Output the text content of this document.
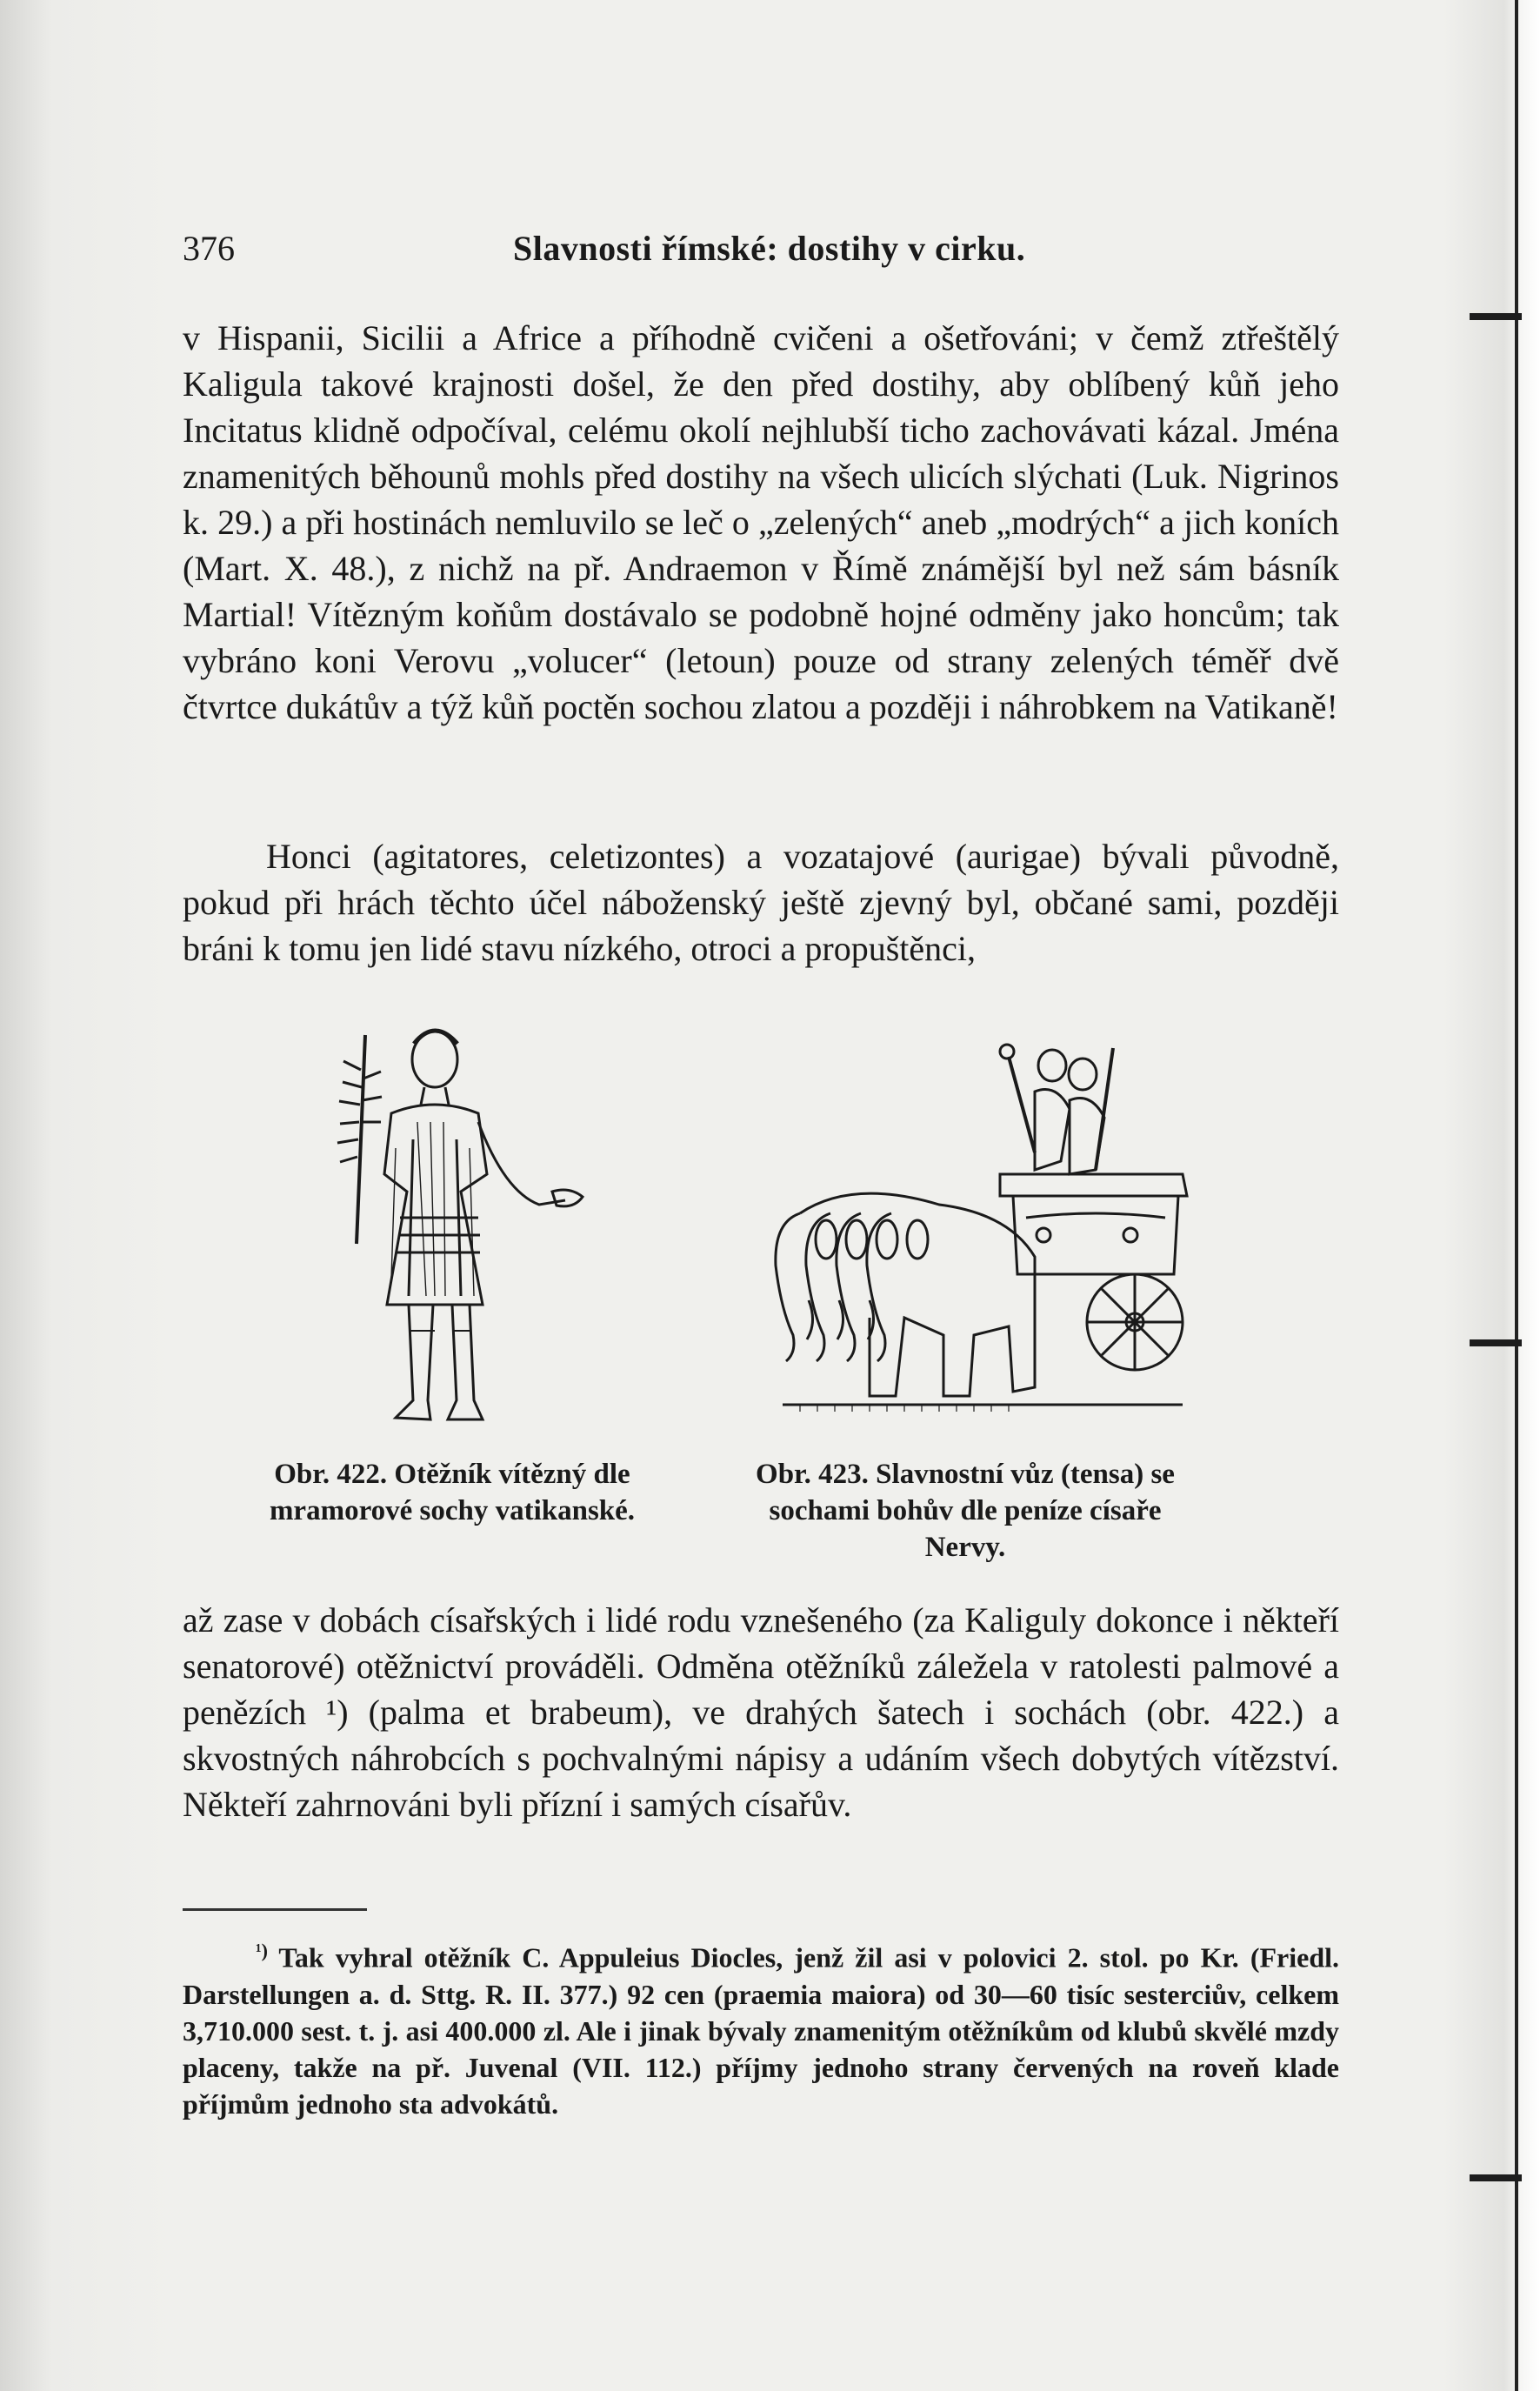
376	Slavnosti římské: dostihy v cirku.

v Hispanii, Sicilii a Africe a příhodně cvičeni a ošetřováni; v čemž ztřeštělý Kaligula takové krajnosti došel, že den před dostihy, aby oblíbený kůň jeho Incitatus klidně odpočíval, celému okolí nejhlubší ticho zachovávati kázal. Jména znamenitých běhounů mohls před dostihy na všech ulicích slýchati (Luk. Nigrinos k. 29.) a při hostinách nemluvilo se leč o „zelených“ aneb „modrých“ a jich koních (Mart. X. 48.), z nichž na př. Andraemon v Římě známější byl než sám básník Martial! Vítězným koňům dostávalo se podobně hojné odměny jako honcům; tak vybráno koni Verovu „volucer“ (letoun) pouze od strany zelených téměř dvě čtvrtce dukátův a týž kůň poctěn sochou zlatou a později i náhrobkem na Vatikaně!

Honci (agitatores, celetizontes) a vozatajové (aurigae) bývali původně, pokud při hrách těchto účel náboženský ještě zjevný byl, občané sami, později bráni k tomu jen lidé stavu nízkého, otroci a propuštěnci,

Obr. 422. Otěžník vítězný dle mramorové sochy vatikanské.
Obr. 423. Slavnostní vůz (tensa) se sochami bohův dle peníze císaře Nervy.

až zase v dobách císařských i lidé rodu vznešeného (za Kaliguly dokonce i někteří senatorové) otěžnictví prováděli. Odměna otěžníků záležela v ratolesti palmové a penězích ¹) (palma et brabeum), ve drahých šatech i sochách (obr. 422.) a skvostných náhrobcích s pochvalnými nápisy a udáním všech dobytých vítězství. Někteří zahrnováni byli přízní i samých císařův.

$^{^1)}$ Tak vyhral otěžník C. Appuleius Diocles, jenž žil asi v polovici 2. stol. po Kr. (Friedl. Darstellungen a. d. Sttg. R. II. 377.) 92 cen (praemia maiora) od 30—60 tisíc sesterciův, celkem 3,710.000 sest. t. j. asi 400.000 zl. Ale i jinak bývaly znamenitým otěžníkům od klubů skvělé mzdy placeny, takže na př. Juvenal (VII. 112.) příjmy jednoho strany červených na roveň klade příjmům jednoho sta advokátů.
